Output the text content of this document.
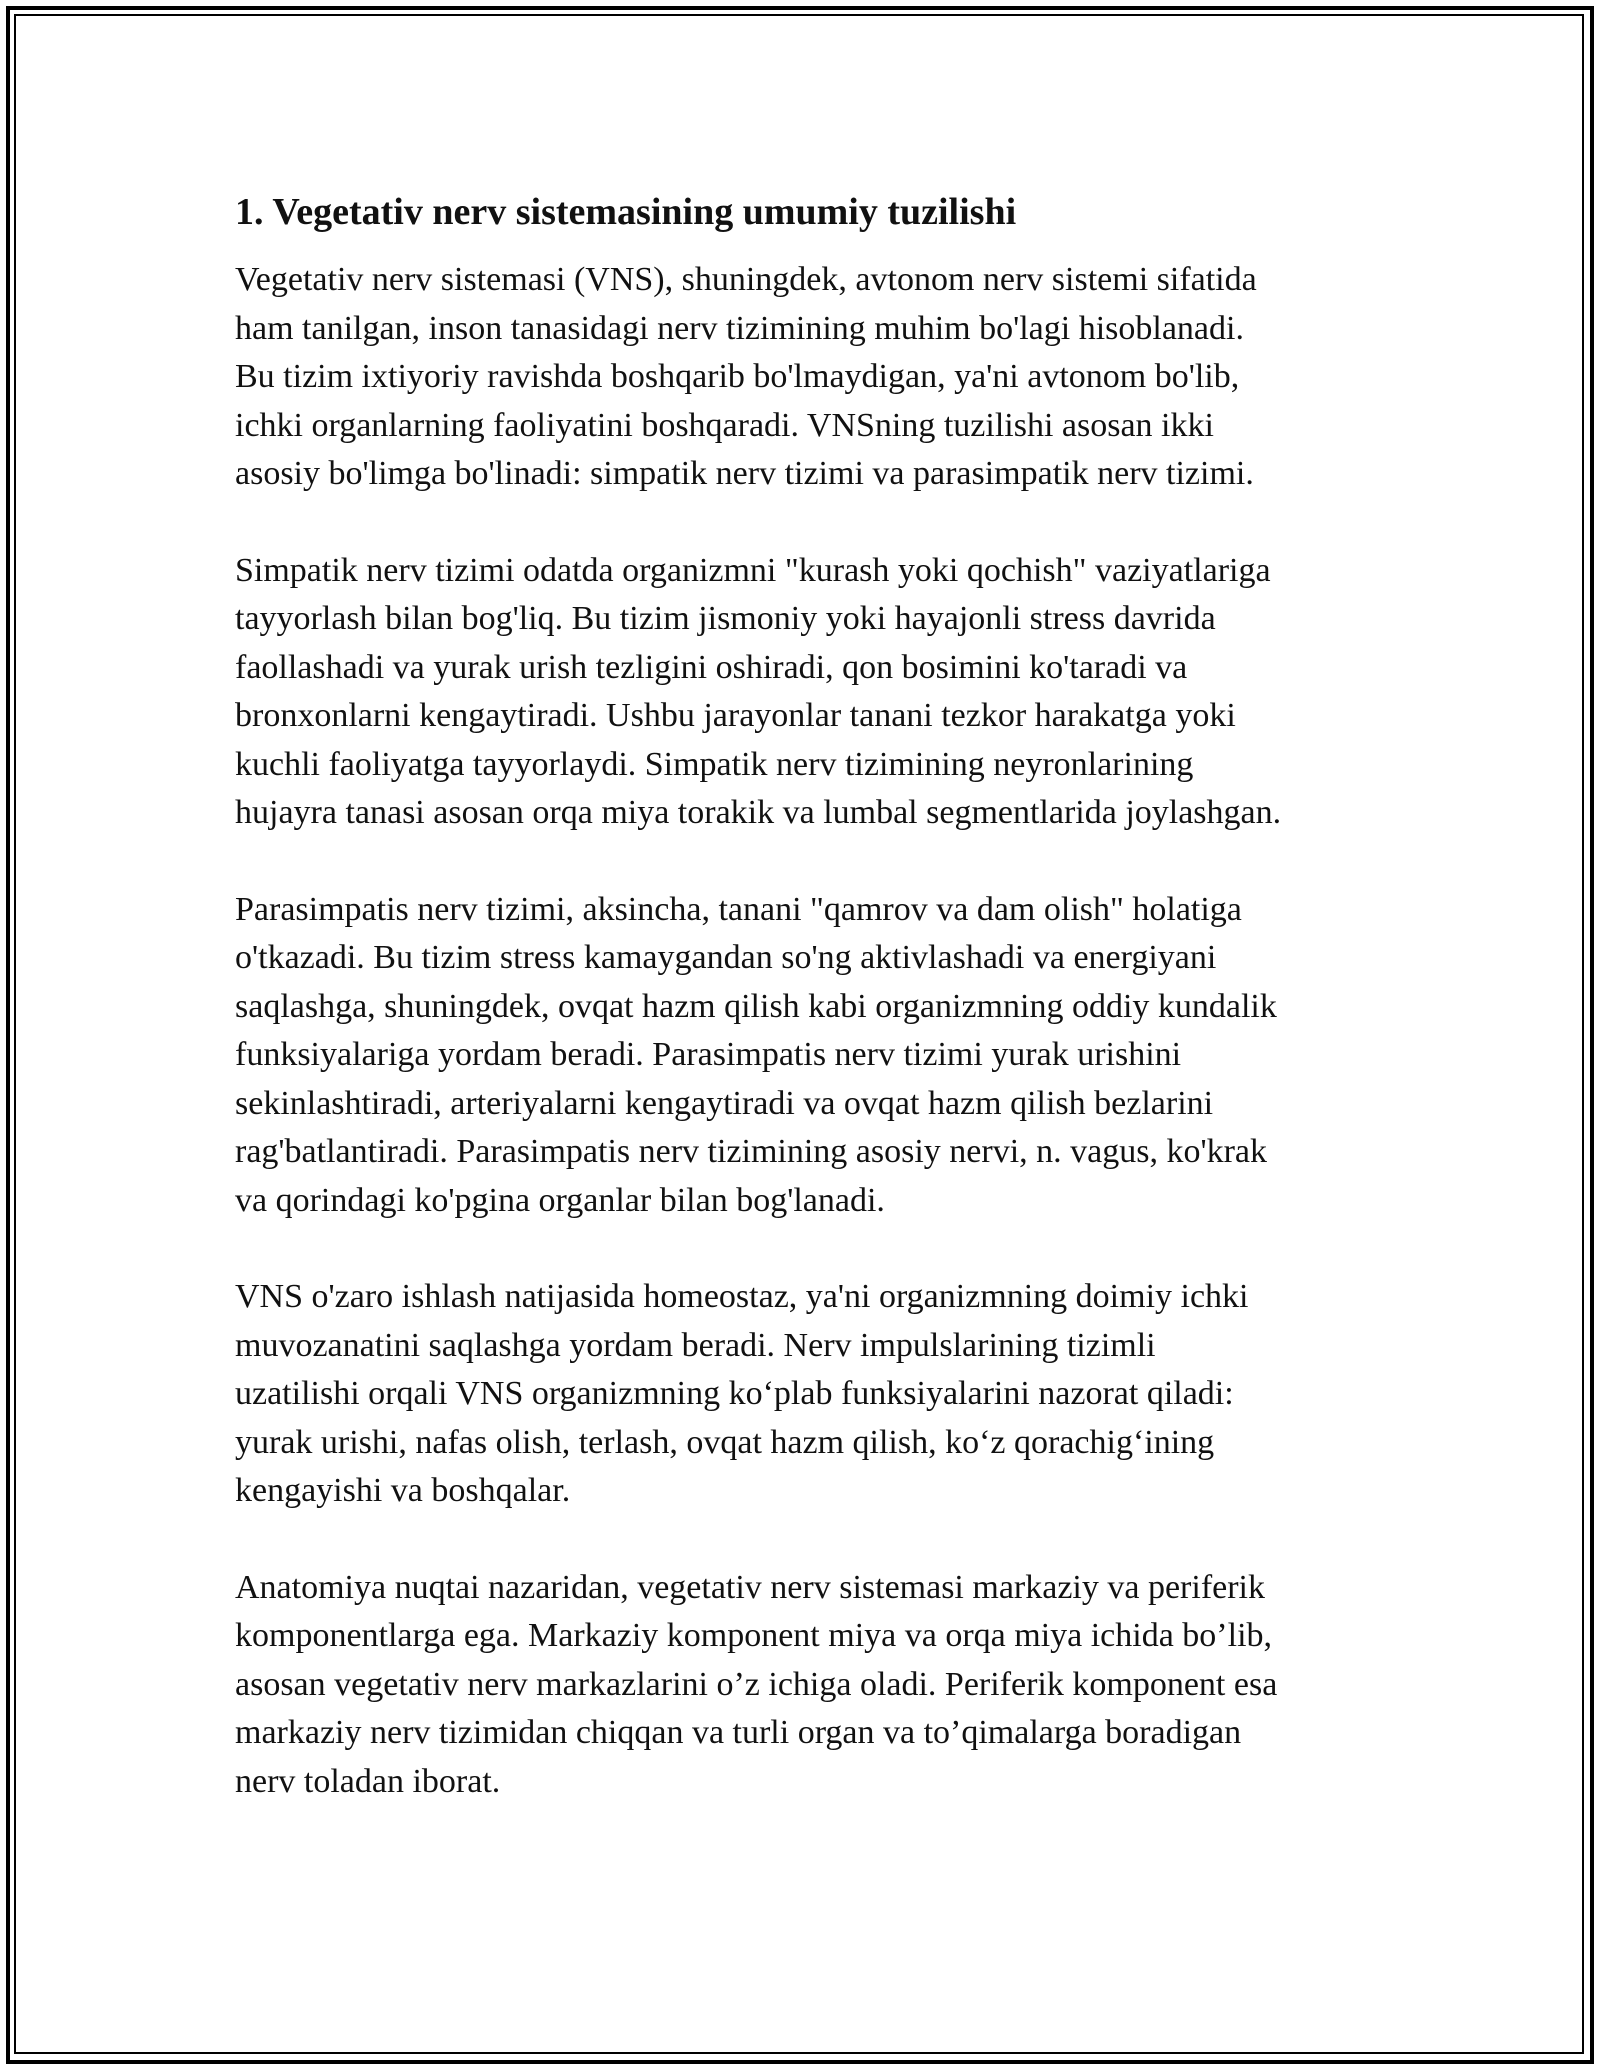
1. Vegetativ nerv sistemasining umumiy tuzilishi

Vegetativ nerv sistemasi (VNS), shuningdek, avtonom nerv sistemi sifatida
ham tanilgan, inson tanasidagi nerv tizimining muhim bo'lagi hisoblanadi.
Bu tizim ixtiyoriy ravishda boshqarib bo'lmaydigan, ya'ni avtonom bo'lib,
ichki organlarning faoliyatini boshqaradi. VNSning tuzilishi asosan ikki
asosiy bo'limga bo'linadi: simpatik nerv tizimi va parasimpatik nerv tizimi.

Simpatik nerv tizimi odatda organizmni "kurash yoki qochish" vaziyatlariga
tayyorlash bilan bog'liq. Bu tizim jismoniy yoki hayajonli stress davrida
faollashadi va yurak urish tezligini oshiradi, qon bosimini ko'taradi va
bronxonlarni kengaytiradi. Ushbu jarayonlar tanani tezkor harakatga yoki
kuchli faoliyatga tayyorlaydi. Simpatik nerv tizimining neyronlarining
hujayra tanasi asosan orqa miya torakik va lumbal segmentlarida joylashgan.

Parasimpatis nerv tizimi, aksincha, tanani "qamrov va dam olish" holatiga
o'tkazadi. Bu tizim stress kamaygandan so'ng aktivlashadi va energiyani
saqlashga, shuningdek, ovqat hazm qilish kabi organizmning oddiy kundalik
funksiyalariga yordam beradi. Parasimpatis nerv tizimi yurak urishini
sekinlashtiradi, arteriyalarni kengaytiradi va ovqat hazm qilish bezlarini
rag'batlantiradi. Parasimpatis nerv tizimining asosiy nervi, n. vagus, ko'krak
va qorindagi ko'pgina organlar bilan bog'lanadi.

VNS o'zaro ishlash natijasida homeostaz, ya'ni organizmning doimiy ichki
muvozanatini saqlashga yordam beradi. Nerv impulslarining tizimli
uzatilishi orqali VNS organizmning ko‘plab funksiyalarini nazorat qiladi:
yurak urishi, nafas olish, terlash, ovqat hazm qilish, ko‘z qorachig‘ining
kengayishi va boshqalar.

Anatomiya nuqtai nazaridan, vegetativ nerv sistemasi markaziy va periferik
komponentlarga ega. Markaziy komponent miya va orqa miya ichida bo’lib,
asosan vegetativ nerv markazlarini o’z ichiga oladi. Periferik komponent esa
markaziy nerv tizimidan chiqqan va turli organ va to’qimalarga boradigan
nerv toladan iborat.
